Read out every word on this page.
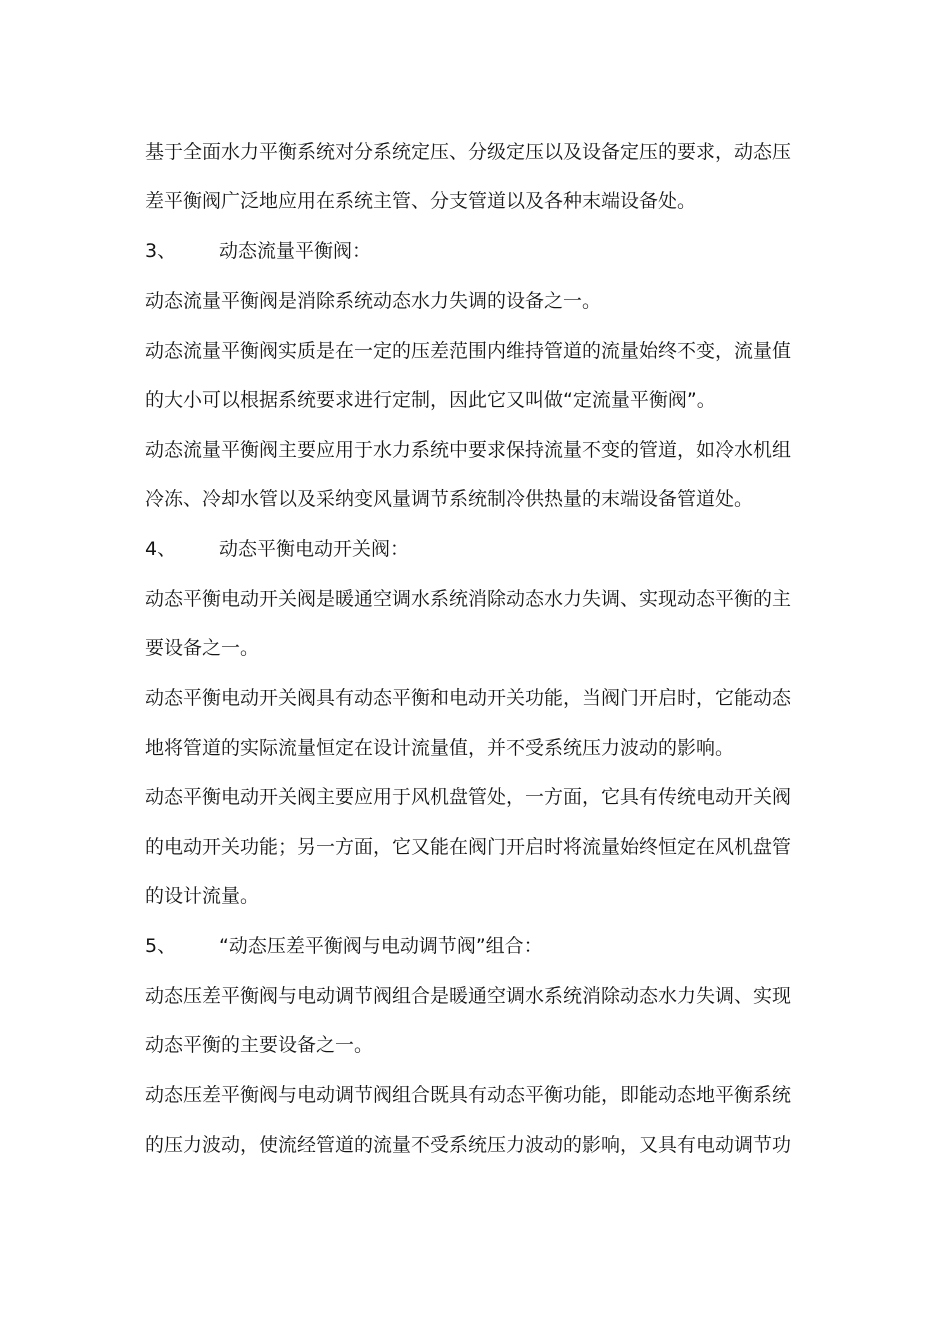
基于全面水力平衡系统对分系统定压、分级定压以及设备定压的要求，动态压
差平衡阀广泛地应用在系统主管、分支管道以及各种末端设备处。
3、 动态流量平衡阀：
动态流量平衡阀是消除系统动态水力失调的设备之一。
动态流量平衡阀实质是在一定的压差范围内维持管道的流量始终不变，流量值
的大小可以根据系统要求进行定制，因此它又叫做“定流量平衡阀”。
动态流量平衡阀主要应用于水力系统中要求保持流量不变的管道，如冷水机组
冷冻、冷却水管以及采纳变风量调节系统制冷供热量的末端设备管道处。
4、 动态平衡电动开关阀：
动态平衡电动开关阀是暖通空调水系统消除动态水力失调、实现动态平衡的主
要设备之一。
动态平衡电动开关阀具有动态平衡和电动开关功能，当阀门开启时，它能动态
地将管道的实际流量恒定在设计流量值，并不受系统压力波动的影响。
动态平衡电动开关阀主要应用于风机盘管处，一方面，它具有传统电动开关阀
的电动开关功能；另一方面，它又能在阀门开启时将流量始终恒定在风机盘管
的设计流量。
5、 “动态压差平衡阀与电动调节阀”组合：
动态压差平衡阀与电动调节阀组合是暖通空调水系统消除动态水力失调、实现
动态平衡的主要设备之一。
动态压差平衡阀与电动调节阀组合既具有动态平衡功能，即能动态地平衡系统
的压力波动，使流经管道的流量不受系统压力波动的影响，又具有电动调节功
